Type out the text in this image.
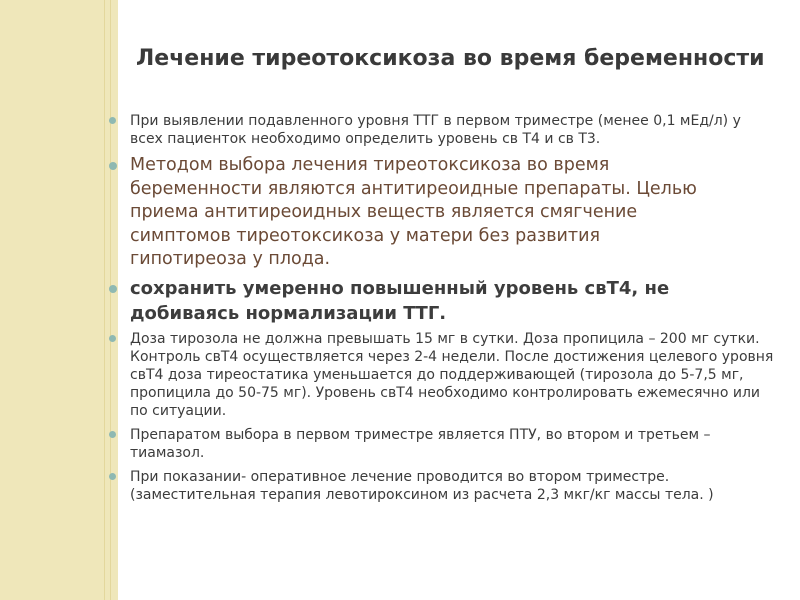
Лечение тиреотоксикоза во время беременности
При выявлении подавленного уровня ТТГ в первом триместре (менее 0,1 мЕд/л) у всех пациенток необходимо определить уровень св Т4 и св Т3.
Методом выбора лечения тиреотоксикоза во время беременности являются антитиреоидные препараты. Целью приема антитиреоидных веществ является смягчение симптомов тиреотоксикоза у матери без развития гипотиреоза у плода.
сохранить умеренно повышенный уровень свТ4, не добиваясь нормализации ТТГ.
Доза тирозола не должна превышать 15 мг в сутки. Доза пропицила – 200 мг сутки. Контроль свТ4 осуществляется через 2-4 недели. После достижения целевого уровня свТ4 доза тиреостатика уменьшается до поддерживающей (тирозола до 5-7,5 мг, пропицила до 50-75 мг). Уровень свТ4 необходимо контролировать ежемесячно или по ситуации.
Препаратом выбора в первом триместре является ПТУ, во втором и третьем – тиамазол.
При показании- оперативное лечение проводится во втором триместре. (заместительная терапия левотироксином из расчета 2,3 мкг/кг массы тела. )
